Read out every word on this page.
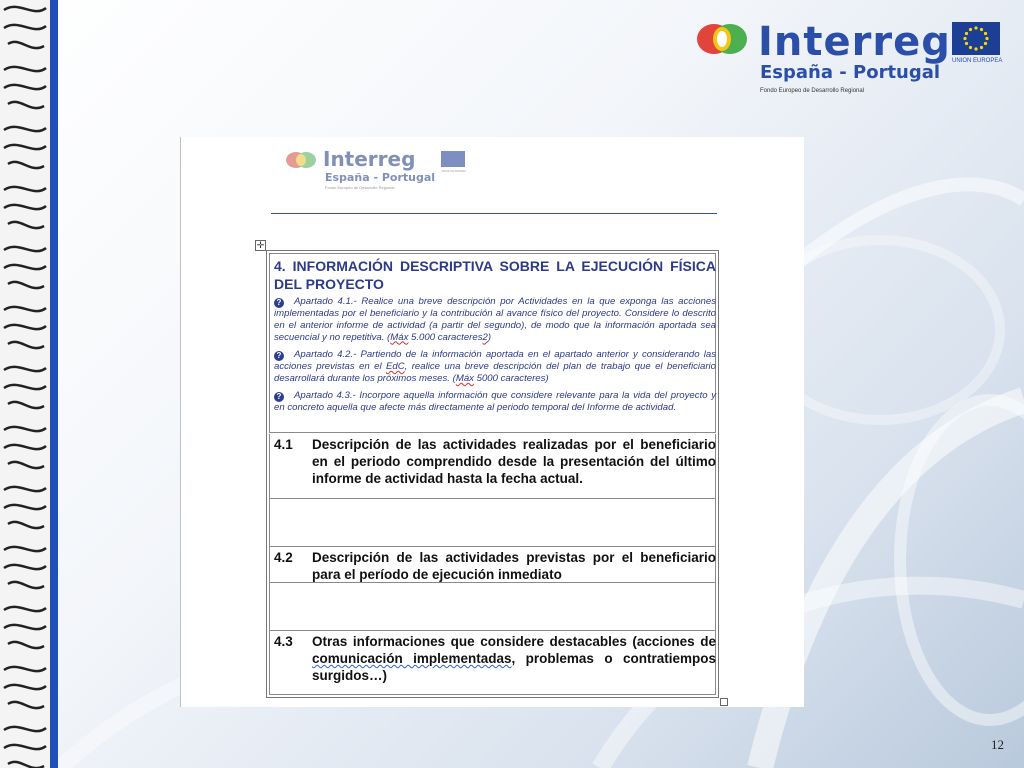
Interreg
España - Portugal
Fondo Europeo de Desarrollo Regional
UNION EUROPEA
Interreg
España - Portugal
Fondo Europeo de Desarrollo Regional
UNION EUROPEA
✛
4. INFORMACIÓN DESCRIPTIVA SOBRE LA EJECUCIÓN FÍSICA DEL PROYECTO
? Apartado 4.1.- Realice una breve descripción por Actividades en la que exponga las acciones implementadas por el beneficiario y la contribución al avance físico del proyecto. Considere lo descrito en el anterior informe de actividad (a partir del segundo), de modo que la información aportada sea secuencial y no repetitiva. (Máx 5.000 caracteres2)
? Apartado 4.2.- Partiendo de la información aportada en el apartado anterior y considerando las acciones previstas en el EdC, realice una breve descripción del plan de trabajo que el beneficiario desarrollará durante los próximos meses. (Máx 5000 caracteres)
? Apartado 4.3.- Incorpore aquella información que considere relevante para la vida del proyecto y en concreto aquella que afecte más directamente al periodo temporal del Informe de actividad.
4.1	Descripción de las actividades realizadas por el beneficiario en el periodo comprendido desde la presentación del último informe de actividad hasta la fecha actual.
4.2	Descripción de las actividades previstas por el beneficiario para el período de ejecución inmediato
4.3	Otras informaciones que considere destacables (acciones de comunicación implementadas, problemas o contratiempos surgidos…)
12
